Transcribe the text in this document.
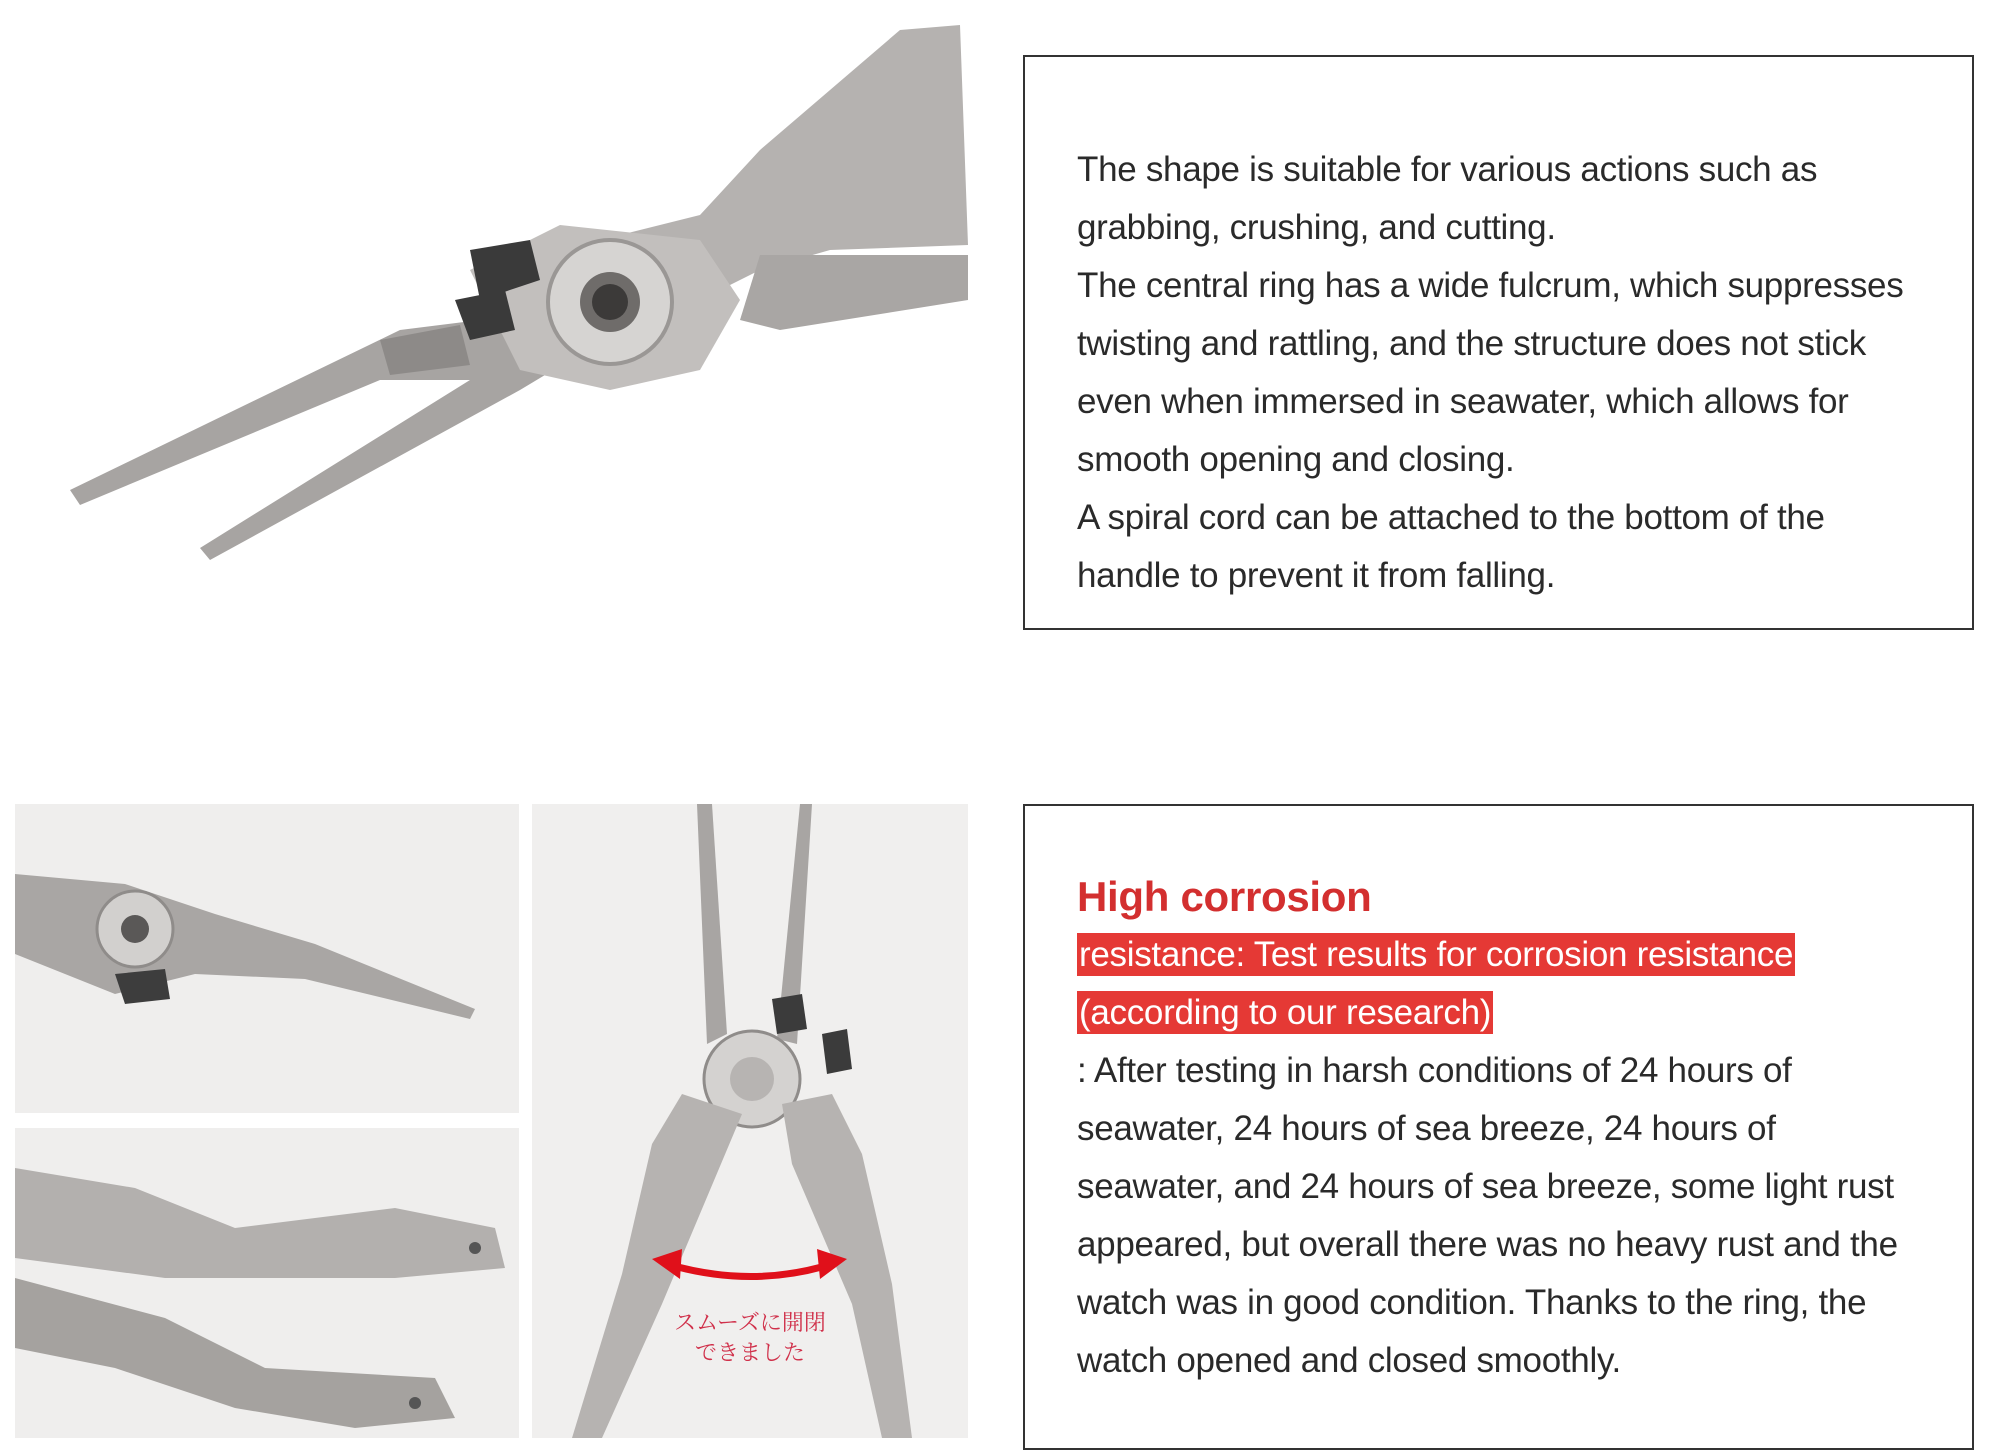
The shape is suitable for various actions such as grabbing, crushing, and cutting.

The central ring has a wide fulcrum, which suppresses twisting and rattling, and the structure does not stick even when immersed in seawater, which allows for smooth opening and closing.

A spiral cord can be attached to the bottom of the handle to prevent it from falling.

スムーズに開閉
できました
High corrosion
resistance: Test results for corrosion resistance (according to our research)

: After testing in harsh conditions of 24 hours of seawater, 24 hours of sea breeze, 24 hours of seawater, and 24 hours of sea breeze, some light rust appeared, but overall there was no heavy rust and the watch was in good condition. Thanks to the ring, the watch opened and closed smoothly.
